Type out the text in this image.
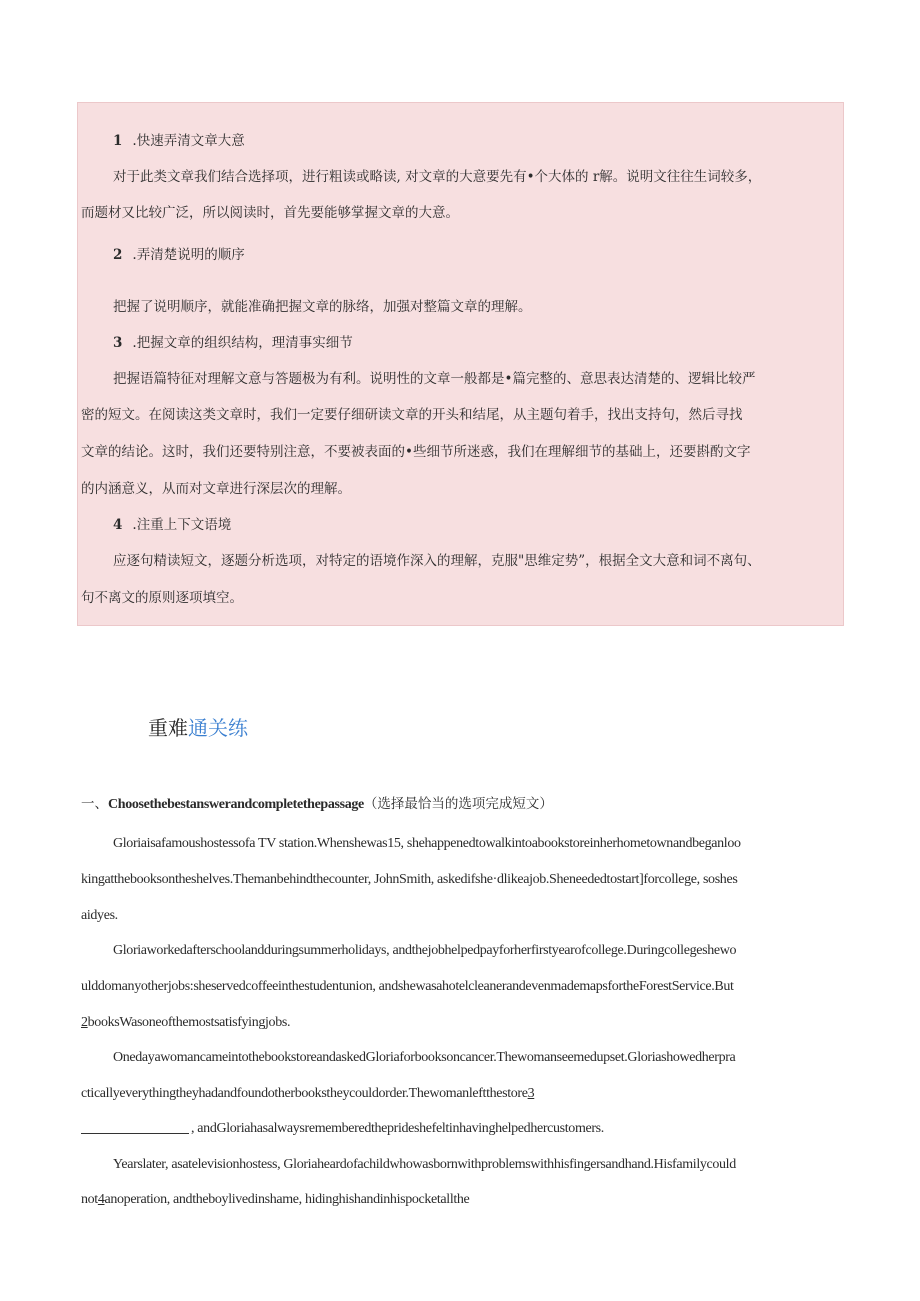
1 .快速弄清文章大意
对于此类文章我们结合选择项，进行粗读或略读, 对文章的大意要先有•个大体的 r解。说明文往往生词较多，
而题材又比较广泛，所以阅读时，首先要能够掌握文章的大意。
2 .弄清楚说明的顺序
把握了说明顺序，就能准确把握文章的脉络，加强对整篇文章的理解。
3 .把握文章的组织结构，理清事实细节
把握语篇特征对理解文意与答题极为有利。说明性的文章一般都是•篇完整的、意思表达清楚的、逻辑比较严
密的短文。在阅读这类文章时，我们一定要仔细研读文章的开头和结尾，从主题句着手，找出支持句，然后寻找
文章的结论。这时，我们还要特别注意，不要被表面的•些细节所迷惑，我们在理解细节的基础上，还要斟酌文字
的内涵意义，从而对文章进行深层次的理解。
4 .注重上下文语境
应逐句精读短文，逐题分析选项，对特定的语境作深入的理解，克服"思维定势”，根据全文大意和词不离句、
句不离文的原则逐项填空。
重难通关练
一、Choosethebestanswerandcompletethepassage（选择最恰当的选项完成短文）
Gloriaisafamoushostessofa TV station.Whenshewas15, shehappenedtowalkintoabookstoreinherhometownandbeganloo
kingatthebooksontheshelves.Themanbehindthecounter, JohnSmith, askedifshe·dlikeajob.Sheneededtostart]forcollege, soshes
aidyes.
Gloriaworkedafterschoolandduringsummerholidays, andthejobhelpedpayforherfirstyearofcollege.Duringcollegeshewo
ulddomanyotherjobs:sheservedcoffeeinthestudentunion, andshewasahotelcleanerandevenmademapsfortheForestService.But
2booksWasoneofthemostsatisfyingjobs.
OnedayawomancameintothebookstoreandaskedGloriaforbooksoncancer.Thewomanseemedupset.Gloriashowedherpra
cticallyeverythingtheyhadandfoundotherbookstheycouldorder.Thewomanleftthestore3
, andGloriahasalwaysrememberedtheprideshefeltinhavinghelpedhercustomers.
Yearslater, asatelevisionhostess, Gloriaheardofachildwhowasbornwithproblemswithhisfingersandhand.Hisfamilycould
not4anoperation, andtheboylivedinshame, hidinghishandinhispocketallthe
